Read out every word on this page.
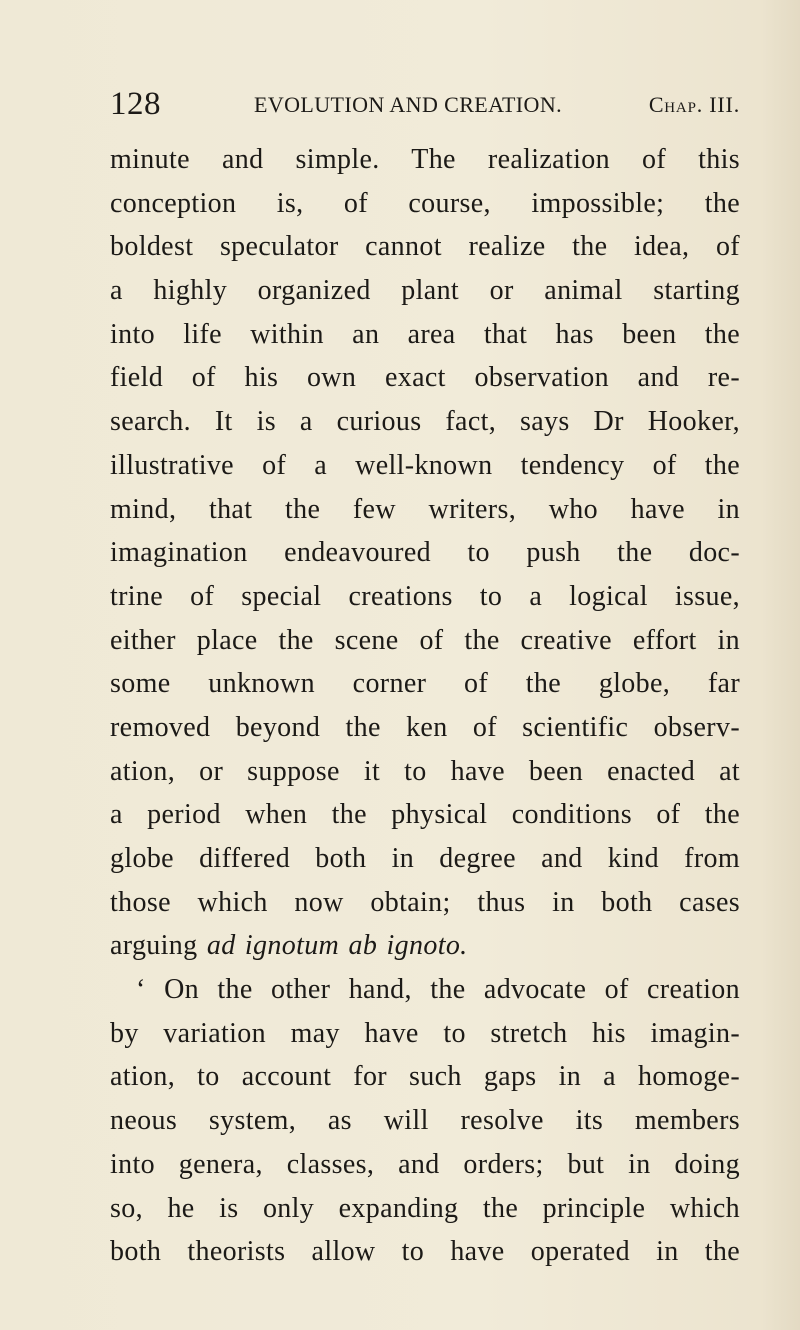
128	EVOLUTION AND CREATION.	Chap. III.
minute and simple. The realization of this
conception is, of course, impossible; the
boldest speculator cannot realize the idea, of
a highly organized plant or animal starting
into life within an area that has been the
field of his own exact observation and re-
search. It is a curious fact, says Dr Hooker,
illustrative of a well-known tendency of the
mind, that the few writers, who have in
imagination endeavoured to push the doc-
trine of special creations to a logical issue,
either place the scene of the creative effort in
some unknown corner of the globe, far
removed beyond the ken of scientific observ-
ation, or suppose it to have been enacted at
a period when the physical conditions of the
globe differed both in degree and kind from
those which now obtain; thus in both cases
arguing ad ignotum ab ignoto.
‘ On the other hand, the advocate of creation
by variation may have to stretch his imagin-
ation, to account for such gaps in a homoge-
neous system, as will resolve its members
into genera, classes, and orders; but in doing
so, he is only expanding the principle which
both theorists allow to have operated in the
